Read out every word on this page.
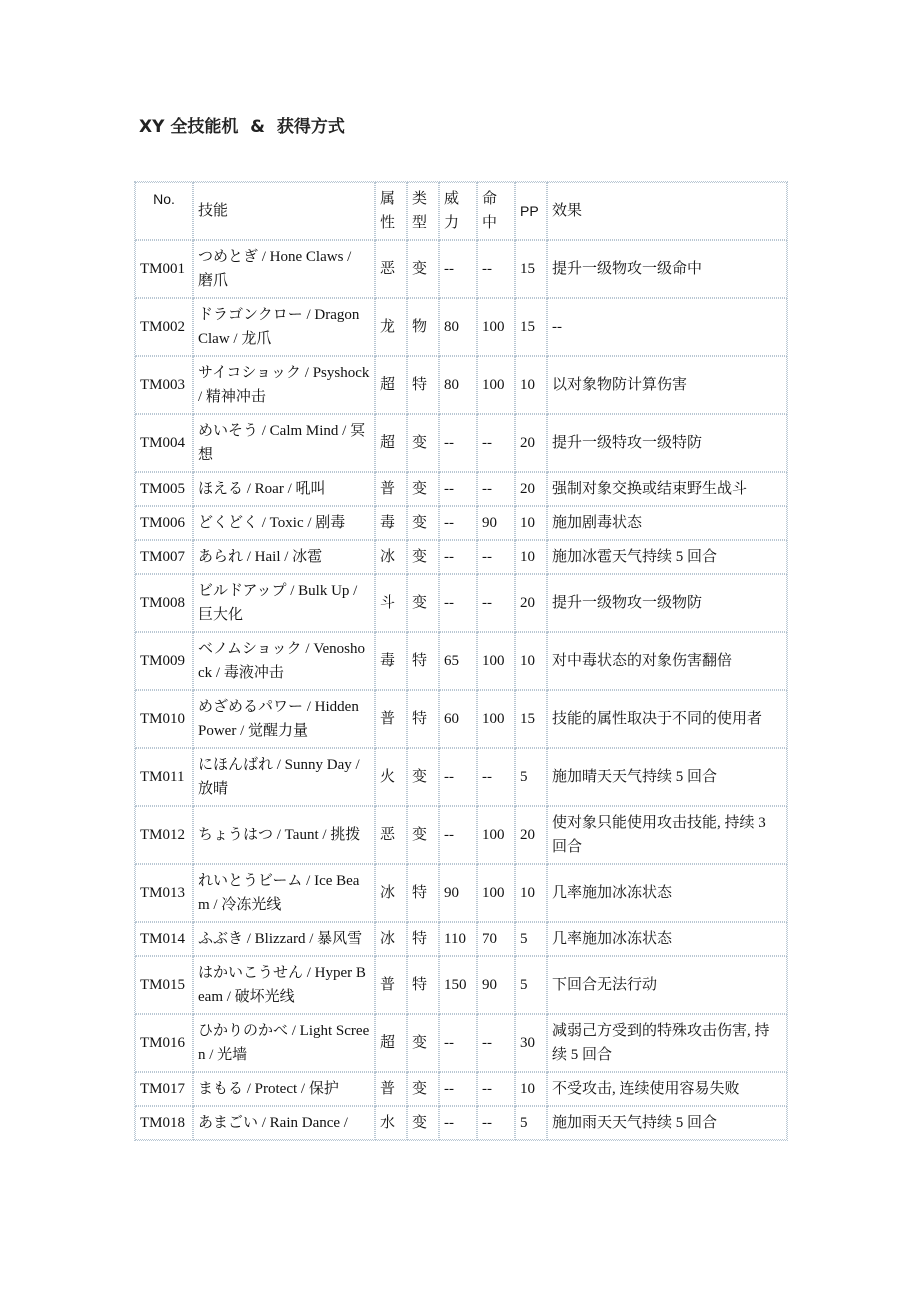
XY 全技能机  &  获得方式
No.	技能	属性	类型	威力	命中	PP	效果
TM001	つめとぎ / Hone Claws / 磨爪	恶	变	--	--	15	提升一级物攻一级命中
TM002	ドラゴンクロー / Dragon Claw / 龙爪	龙	物	80	100	15	--
TM003	サイコショック / Psyshock / 精神冲击	超	特	80	100	10	以对象物防计算伤害
TM004	めいそう / Calm Mind / 冥想	超	变	--	--	20	提升一级特攻一级特防
TM005	ほえる / Roar / 吼叫	普	变	--	--	20	强制对象交换或结束野生战斗
TM006	どくどく / Toxic / 剧毒	毒	变	--	90	10	施加剧毒状态
TM007	あられ / Hail / 冰雹	冰	变	--	--	10	施加冰雹天气持续 5 回合
TM008	ビルドアップ / Bulk Up / 巨大化	斗	变	--	--	20	提升一级物攻一级物防
TM009	ベノムショック / Venoshock / 毒液冲击	毒	特	65	100	10	对中毒状态的对象伤害翻倍
TM010	めざめるパワー / Hidden Power / 觉醒力量	普	特	60	100	15	技能的属性取决于不同的使用者
TM011	にほんばれ / Sunny Day / 放晴	火	变	--	--	5	施加晴天天气持续 5 回合
TM012	ちょうはつ / Taunt / 挑拨	恶	变	--	100	20	使对象只能使用攻击技能, 持续 3 回合
TM013	れいとうビーム / Ice Beam / 冷冻光线	冰	特	90	100	10	几率施加冰冻状态
TM014	ふぶき / Blizzard / 暴风雪	冰	特	110	70	5	几率施加冰冻状态
TM015	はかいこうせん / Hyper Beam / 破坏光线	普	特	150	90	5	下回合无法行动
TM016	ひかりのかべ / Light Screen / 光墙	超	变	--	--	30	减弱己方受到的特殊攻击伤害, 持续 5 回合
TM017	まもる / Protect / 保护	普	变	--	--	10	不受攻击, 连续使用容易失败
TM018	あまごい / Rain Dance /	水	变	--	--	5	施加雨天天气持续 5 回合
